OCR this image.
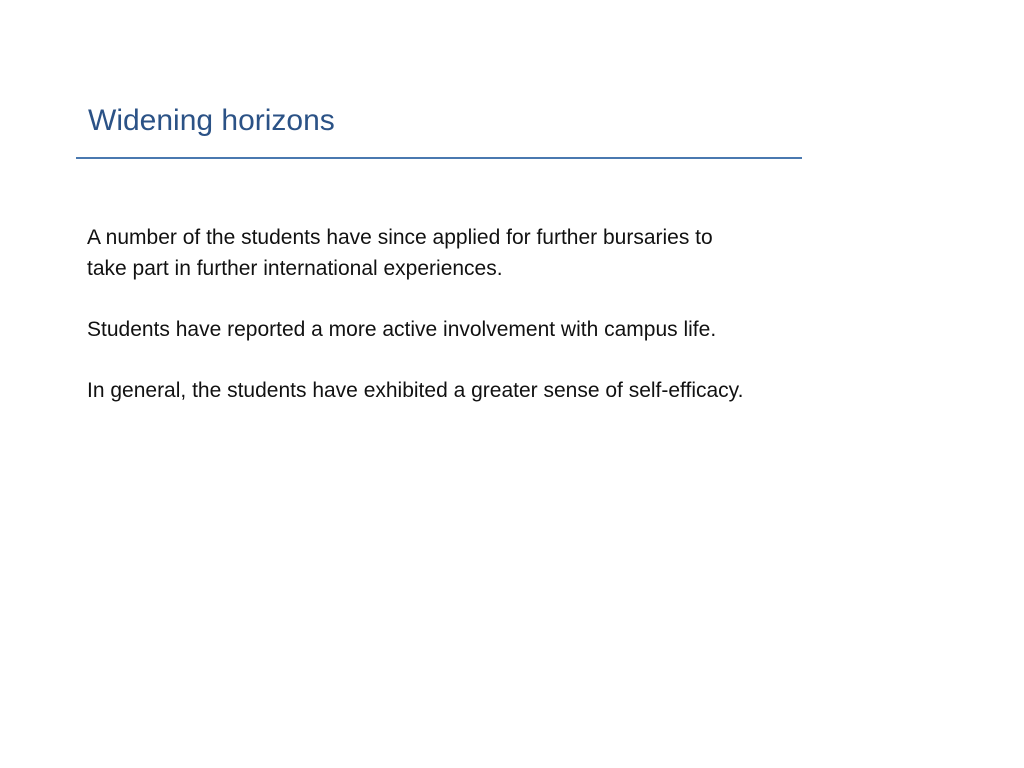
Widening horizons

A number of the students have since applied for further bursaries to
take part in further international experiences.

Students have reported a more active involvement with campus life.

In general, the students have exhibited a greater sense of self-efficacy.
